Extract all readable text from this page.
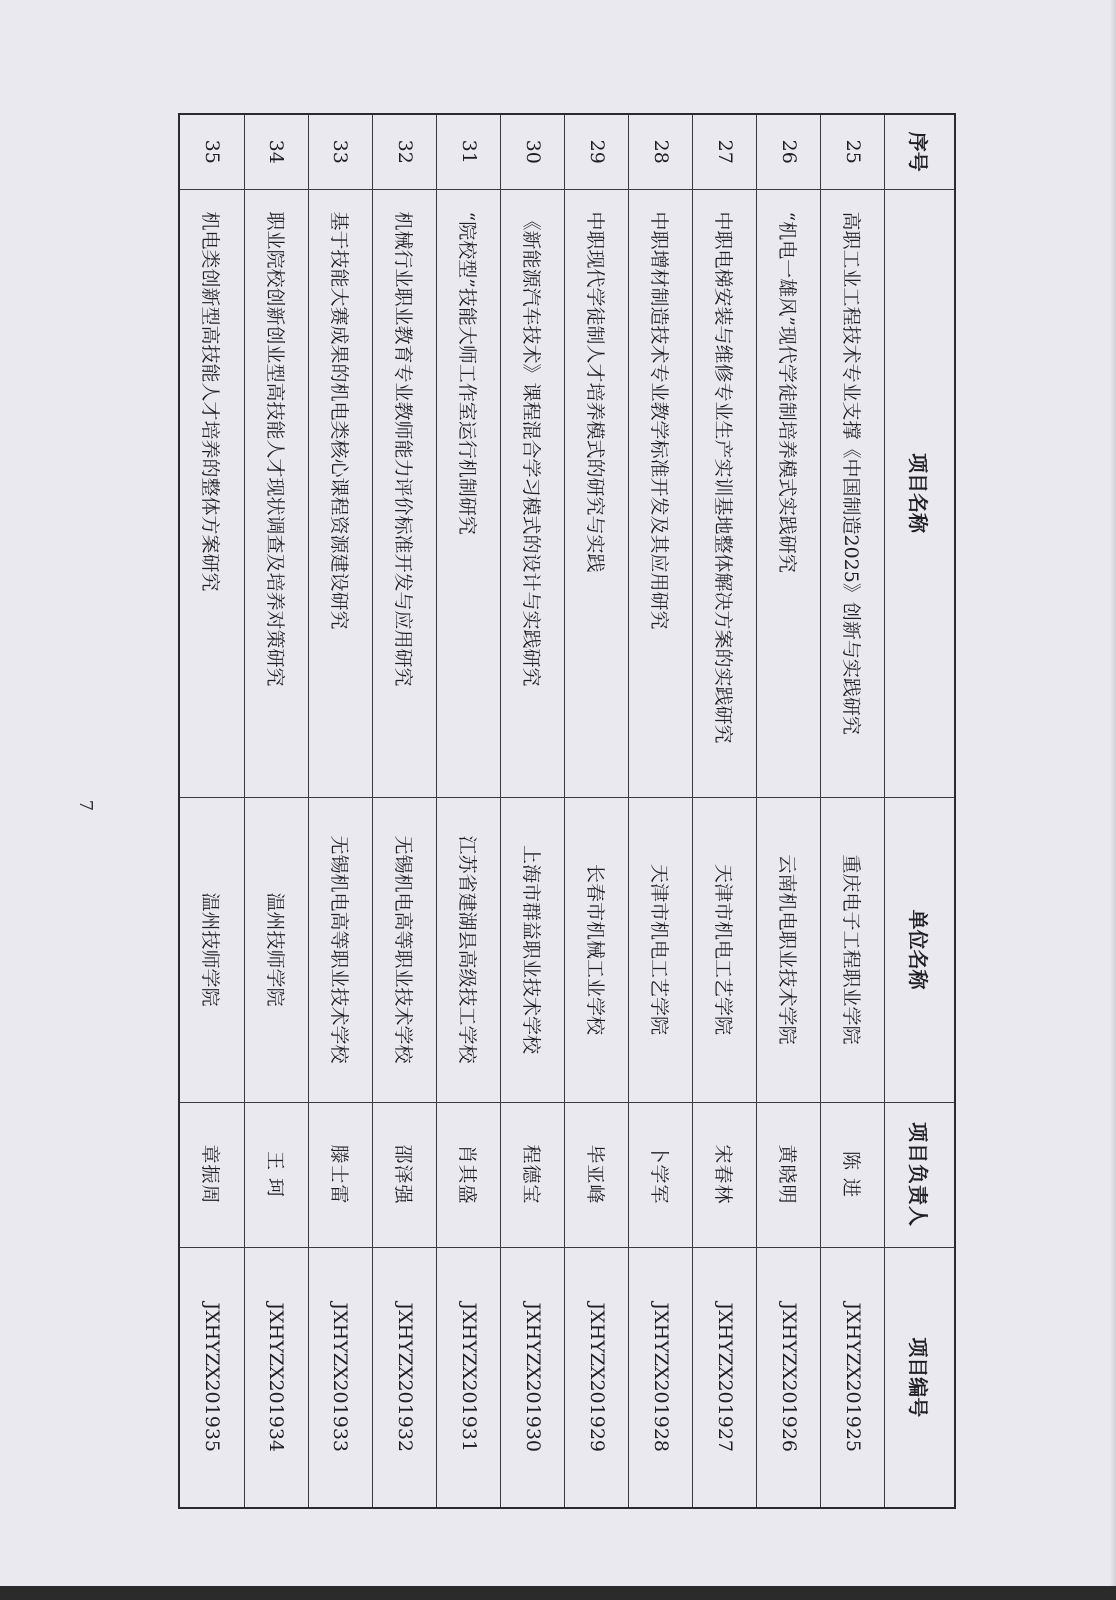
序号	项目名称	单位名称	项目负责人	项目编号
25	高职工业工程技术专业支撑《中国制造2025》创新与实践研究	重庆电子工程职业学院	陈 进	JXHYZX201925
26	“机电一雄风”现代学徒制培养模式实践研究	云南机电职业技术学院	黄晓明	JXHYZX201926
27	中职电梯安装与维修专业生产实训基地整体解决方案的实践研究	天津市机电工艺学院	宋春林	JXHYZX201927
28	中职增材制造技术专业教学标准开发及其应用研究	天津市机电工艺学院	卜学军	JXHYZX201928
29	中职现代学徒制人才培养模式的研究与实践	长春市机械工业学校	毕亚峰	JXHYZX201929
30	《新能源汽车技术》课程混合学习模式的设计与实践研究	上海市群益职业技术学校	程德宝	JXHYZX201930
31	“院校型”技能大师工作室运行机制研究	江苏省建湖县高级技工学校	肖其盛	JXHYZX201931
32	机械行业职业教育专业教师能力评价标准开发与应用研究	无锡机电高等职业技术学校	邵泽强	JXHYZX201932
33	基于技能大赛成果的机电类核心课程资源建设研究	无锡机电高等职业技术学校	滕士雷	JXHYZX201933
34	职业院校创新创业型高技能人才现状调查及培养对策研究	温州技师学院	王 珂	JXHYZX201934
35	机电类创新型高技能人才培养的整体方案研究	温州技师学院	章振周	JXHYZX201935
7
